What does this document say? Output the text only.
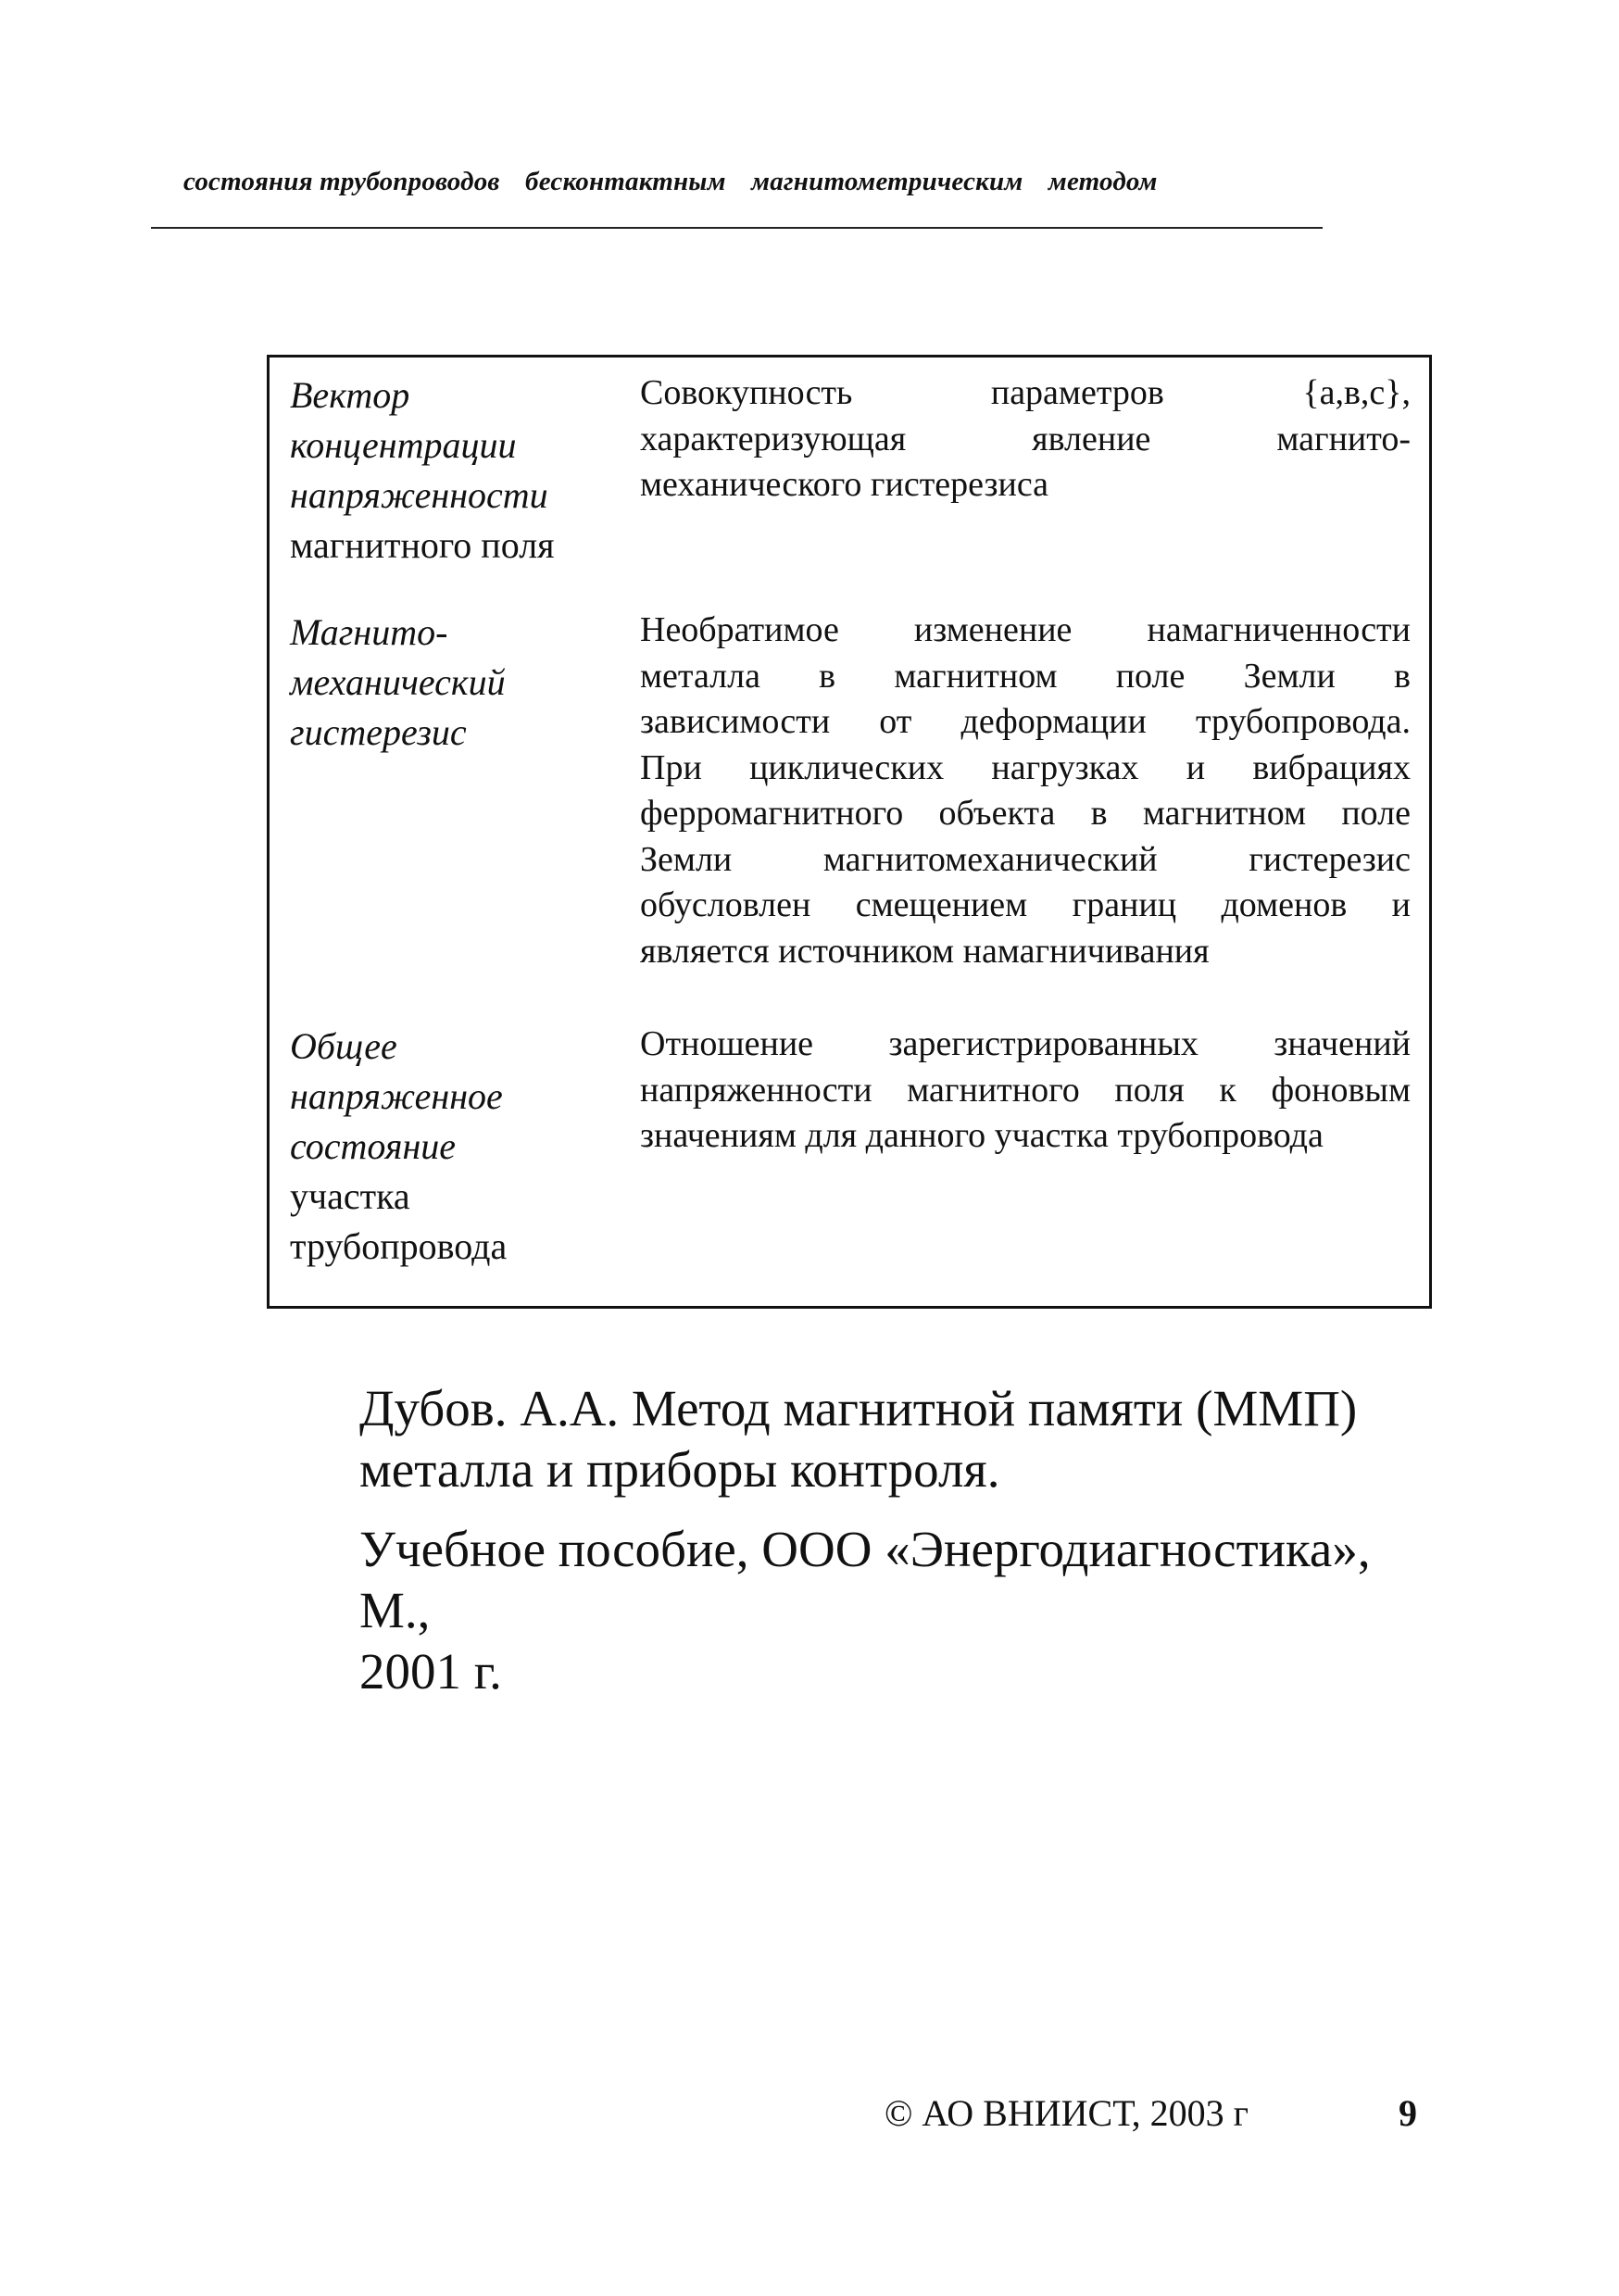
состояния трубопроводов бесконтактным магнитометрическим методом
Вектор
концентрации
напряженности
магнитного поля
Совокупность параметров {а,в,с},
характеризующая явление магнито-
механического гистерезиса
Магнито-
механический
гистерезис
Необратимое изменение намагниченности
металла в магнитном поле Земли в
зависимости от деформации трубопровода.
При циклических нагрузках и вибрациях
ферромагнитного объекта в магнитном поле
Земли магнитомеханический гистерезис
обусловлен смещением границ доменов и
является источником намагничивания
Общее
напряженное
состояние
участка
трубопровода
Отношение зарегистрированных значений
напряженности магнитного поля к фоновым
значениям для данного участка трубопровода
Дубов. А.А. Метод магнитной памяти (ММП)
металла и приборы контроля.
Учебное пособие, ООО «Энергодиагностика», М.,
2001 г.
© АО ВНИИСТ, 2003 г	9
